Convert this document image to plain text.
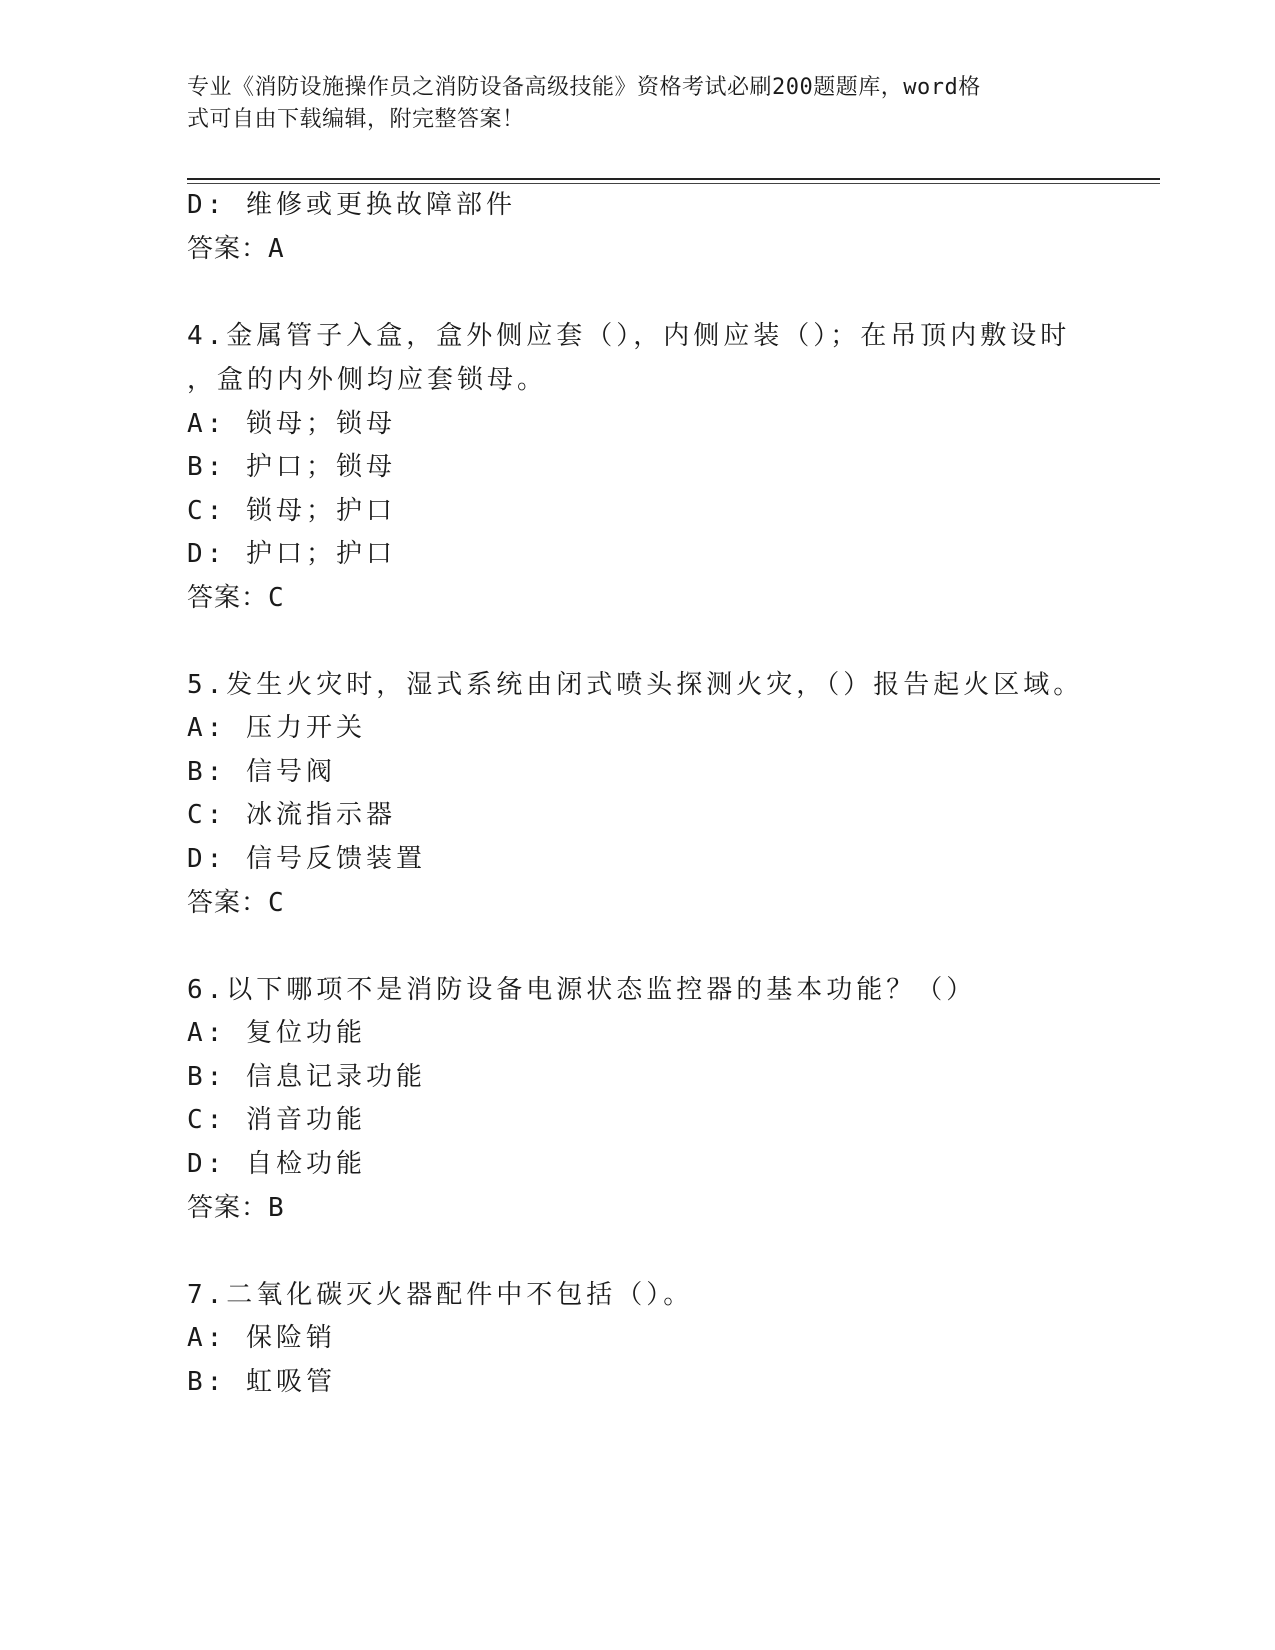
专业《消防设施操作员之消防设备高级技能》资格考试必刷200题题库，word格
式可自由下载编辑，附完整答案！
D: 维修或更换故障部件
答案：A
4.金属管子入盒，盒外侧应套（），内侧应装（）；在吊顶内敷设时
，盒的内外侧均应套锁母。
A: 锁母；锁母
B: 护口；锁母
C: 锁母；护口
D: 护口；护口
答案：C
5.发生火灾时，湿式系统由闭式喷头探测火灾，（）报告起火区域。
A: 压力开关
B: 信号阀
C: 冰流指示器
D: 信号反馈装置
答案：C
6.以下哪项不是消防设备电源状态监控器的基本功能？（）
A: 复位功能
B: 信息记录功能
C: 消音功能
D: 自检功能
答案：B
7.二氧化碳灭火器配件中不包括（）。
A: 保险销
B: 虹吸管
